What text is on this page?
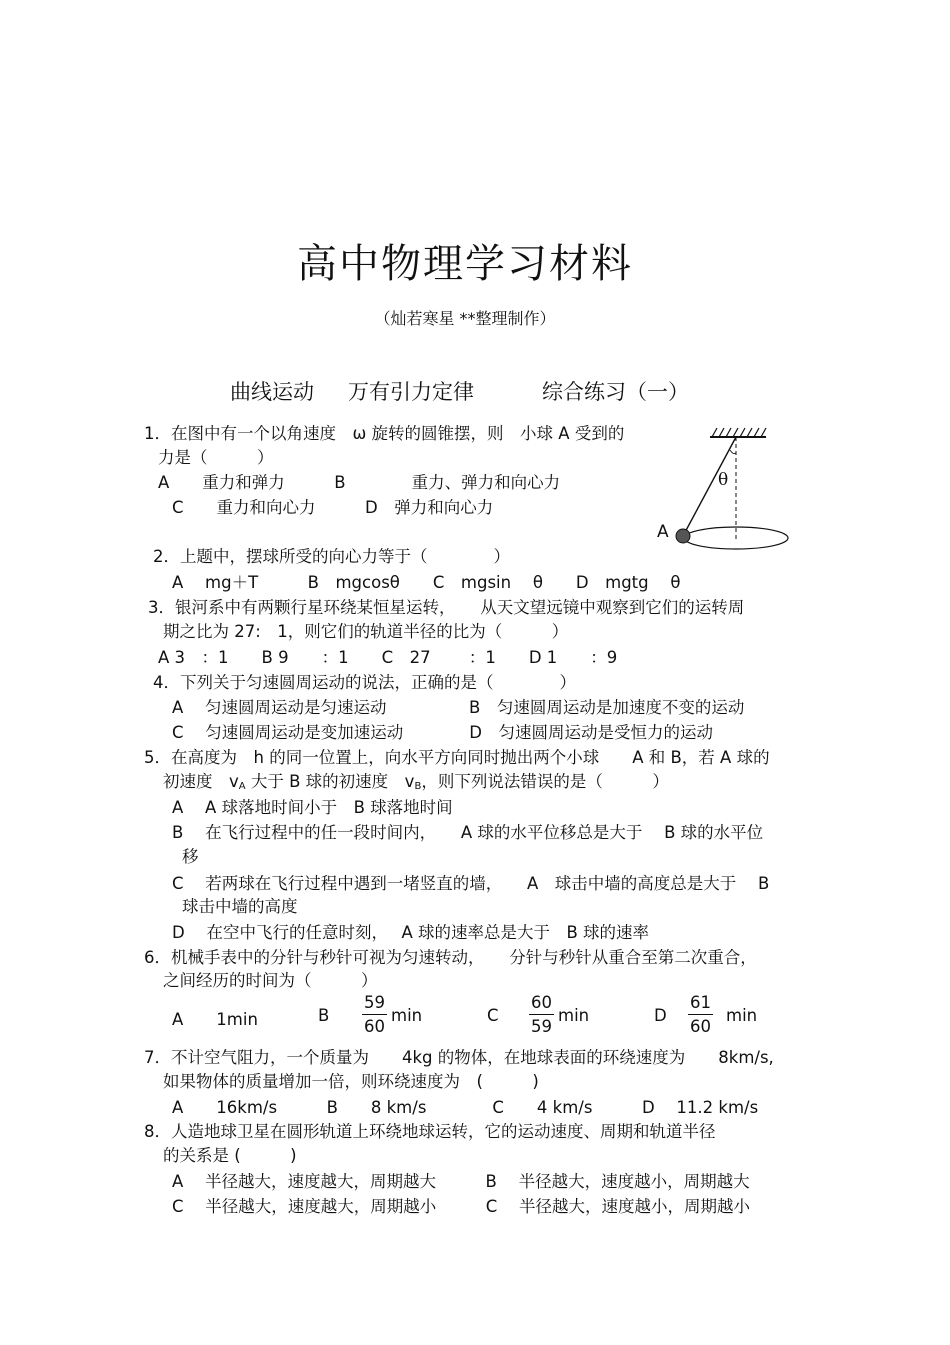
高中物理学习材料
（灿若寒星 **整理制作）
曲线运动 万有引力定律	综合练习（一）
θ
A
1．在图中有一个以角速度　ω 旋转的圆锥摆，则　小球 A 受到的
力是（　　　）
A　　重力和弹力　　　B　　　　重力、弹力和向心力
C　　重力和向心力　　　D　弹力和向心力
2．上题中，摆球所受的向心力等于（　　　　）
A　 mg＋T　　　B　mgcosθ　　C　mgsin　 θ　　D　mgtg　 θ
3．银河系中有两颗行星环绕某恒星运转，　　从天文望远镜中观察到它们的运转周
期之比为 27:　1，则它们的轨道半径的比为（　　　）
A 3　：1　　B 9　　：1　　C　27　　 ：1　　D 1　　：9
4．下列关于匀速圆周运动的说法，正确的是（　　　　）
A　 匀速圆周运动是匀速运动　　　　　B　匀速圆周运动是加速度不变的运动
C　 匀速圆周运动是变加速运动　　　　D　匀速圆周运动是受恒力的运动
5．在高度为　h 的同一位置上，向水平方向同时抛出两个小球　　A 和 B，若 A 球的
初速度　$v_A$ 大于 B 球的初速度　$v_B$，则下列说法错误的是（　　　）
A　 A 球落地时间小于　B 球落地时间
B　 在飞行过程中的任一段时间内，　　A 球的水平位移总是大于　 B 球的水平位
移
C　 若两球在飞行过程中遇到一堵竖直的墙，　　A　球击中墙的高度总是大于　 B
球击中墙的高度
D　 在空中飞行的任意时刻，　 A 球的速率总是大于　B 球的速率
6．机械手表中的分针与秒针可视为匀速转动，　　分针与秒针从重合至第二次重合，
之间经历的时间为（　　　）
A　　1min	B $\frac{59}{60}$ min	C $\frac{60}{59}$ min	D $\frac{61}{60}$ min
7．不计空气阻力，一个质量为　　4kg 的物体，在地球表面的环绕速度为　　8km/s,
如果物体的质量增加一倍，则环绕速度为　(　　　)
A　　16km/s　　　B　　8 km/s　　　　C　　4 km/s　　　D　 11.2 km/s
8．人造地球卫星在圆形轨道上环绕地球运转，它的运动速度、周期和轨道半径
的关系是 (　　　)
A　 半径越大，速度越大，周期越大　　　B　 半径越大，速度越小，周期越大
C　 半径越大，速度越大，周期越小　　　C　 半径越大，速度越小，周期越小
